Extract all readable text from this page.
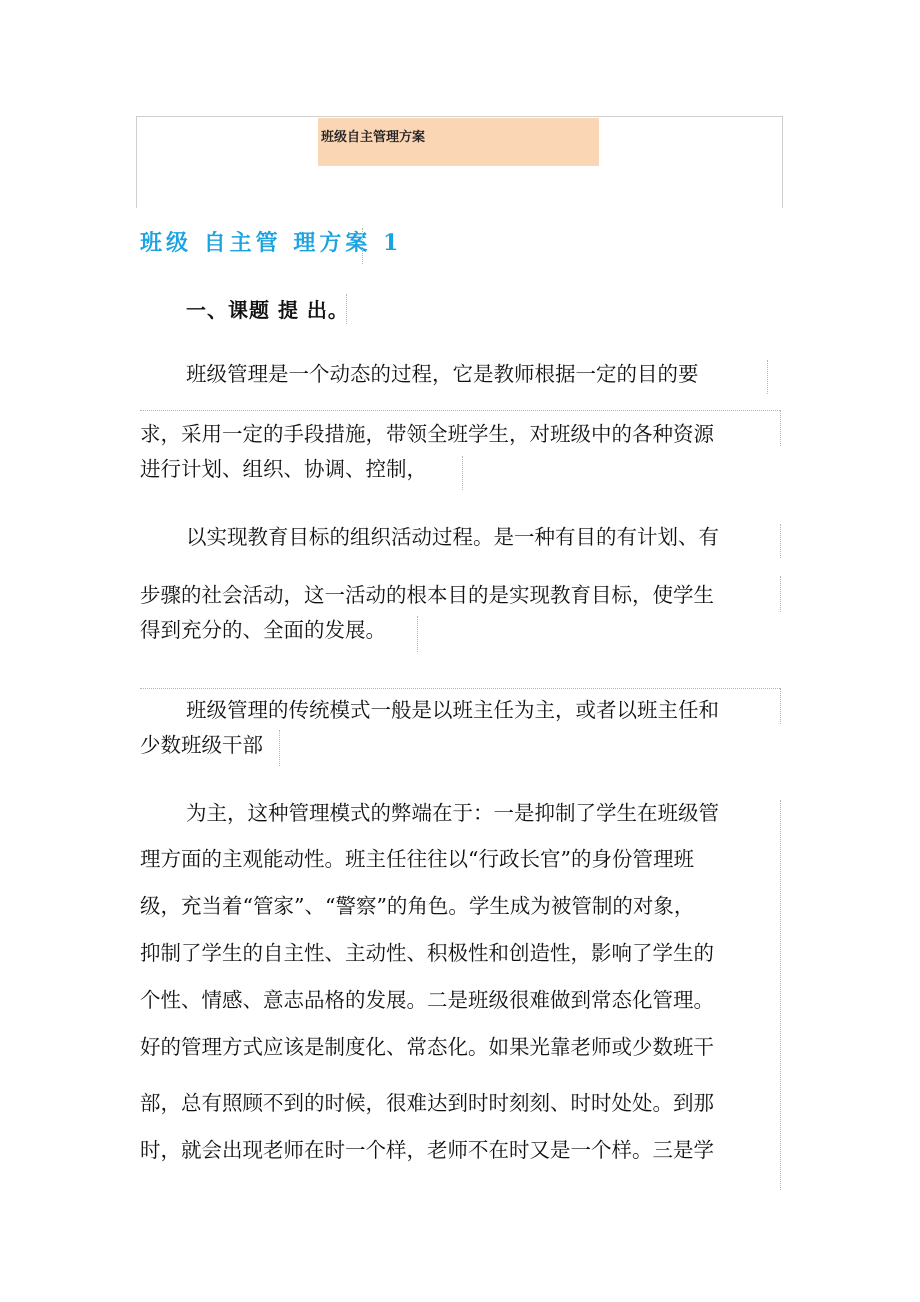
班级自主管理方案
班级 自主管 理方案 1
一、课题 提 出。
班级管理是一个动态的过程，它是教师根据一定的目的要
求，采用一定的手段措施，带领全班学生，对班级中的各种资源
进行计划、组织、协调、控制，
以实现教育目标的组织活动过程。是一种有目的有计划、有
步骤的社会活动，这一活动的根本目的是实现教育目标，使学生
得到充分的、全面的发展。
班级管理的传统模式一般是以班主任为主，或者以班主任和
少数班级干部
为主，这种管理模式的弊端在于：一是抑制了学生在班级管
理方面的主观能动性。班主任往往以“行政长官”的身份管理班
级，充当着“管家”、“警察”的角色。学生成为被管制的对象，
抑制了学生的自主性、主动性、积极性和创造性，影响了学生的
个性、情感、意志品格的发展。二是班级很难做到常态化管理。
好的管理方式应该是制度化、常态化。如果光靠老师或少数班干
部，总有照顾不到的时候，很难达到时时刻刻、时时处处。到那
时，就会出现老师在时一个样，老师不在时又是一个样。三是学
